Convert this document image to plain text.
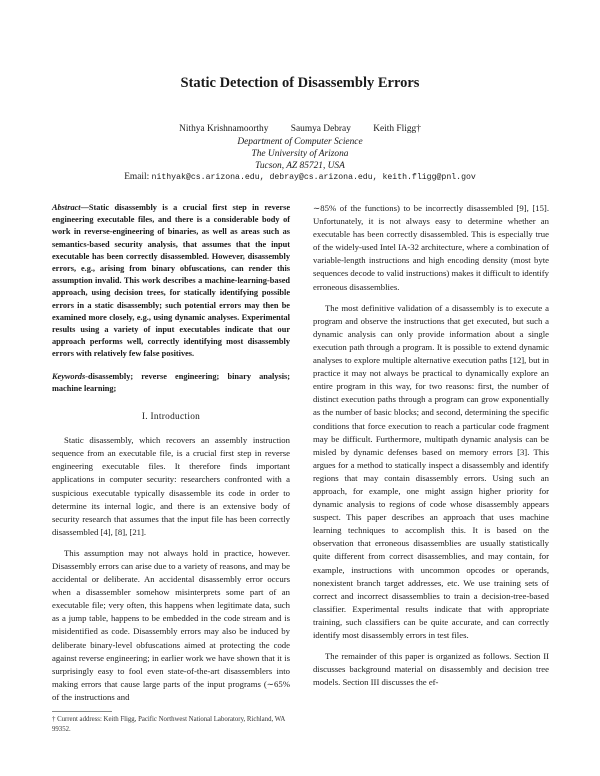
Static Detection of Disassembly Errors
Nithya Krishnamoorthy Saumya Debray Keith Fligg†
Department of Computer Science
The University of Arizona
Tucson, AZ 85721, USA
Email: nithyak@cs.arizona.edu, debray@cs.arizona.edu, keith.fligg@pnl.gov

Abstract—Static disassembly is a crucial first step in reverse engineering executable files, and there is a considerable body of work in reverse-engineering of binaries, as well as areas such as semantics-based security analysis, that assumes that the input executable has been correctly disassembled. However, disassembly errors, e.g., arising from binary obfuscations, can render this assumption invalid. This work describes a machine-learning-based approach, using decision trees, for statically identifying possible errors in a static disassembly; such potential errors may then be examined more closely, e.g., using dynamic analyses. Experimental results using a variety of input executables indicate that our approach performs well, correctly identifying most disassembly errors with relatively few false positives.

Keywords-disassembly; reverse engineering; binary analysis; machine learning;

I. Introduction

Static disassembly, which recovers an assembly instruction sequence from an executable file, is a crucial first step in reverse engineering executable files. It therefore finds important applications in computer security: researchers confronted with a suspicious executable typically disassemble its code in order to determine its internal logic, and there is an extensive body of security research that assumes that the input file has been correctly disassembled [4], [8], [21].

This assumption may not always hold in practice, however. Disassembly errors can arise due to a variety of reasons, and may be accidental or deliberate. An accidental disassembly error occurs when a disassembler somehow misinterprets some part of an executable file; very often, this happens when legitimate data, such as a jump table, happens to be embedded in the code stream and is misidentified as code. Disassembly errors may also be induced by deliberate binary-level obfuscations aimed at protecting the code against reverse engineering; in earlier work we have shown that it is surprisingly easy to fool even state-of-the-art disassemblers into making errors that cause large parts of the input programs (∼65% of the instructions and

∼85% of the functions) to be incorrectly disassembled [9], [15]. Unfortunately, it is not always easy to determine whether an executable has been correctly disassembled. This is especially true of the widely-used Intel IA-32 architecture, where a combination of variable-length instructions and high encoding density (most byte sequences decode to valid instructions) makes it difficult to identify erroneous disassemblies.

The most definitive validation of a disassembly is to execute a program and observe the instructions that get executed, but such a dynamic analysis can only provide information about a single execution path through a program. It is possible to extend dynamic analyses to explore multiple alternative execution paths [12], but in practice it may not always be practical to dynamically explore an entire program in this way, for two reasons: first, the number of distinct execution paths through a program can grow exponentially as the number of basic blocks; and second, determining the specific conditions that force execution to reach a particular code fragment may be difficult. Furthermore, multipath dynamic analysis can be misled by dynamic defenses based on memory errors [3]. This argues for a method to statically inspect a disassembly and identify regions that may contain disassembly errors. Using such an approach, for example, one might assign higher priority for dynamic analysis to regions of code whose disassembly appears suspect. This paper describes an approach that uses machine learning techniques to accomplish this. It is based on the observation that erroneous disassemblies are usually statistically quite different from correct disassemblies, and may contain, for example, instructions with uncommon opcodes or operands, nonexistent branch target addresses, etc. We use training sets of correct and incorrect disassemblies to train a decision-tree-based classifier. Experimental results indicate that with appropriate training, such classifiers can be quite accurate, and can correctly identify most disassembly errors in test files.

The remainder of this paper is organized as follows. Section II discusses background material on disassembly and decision tree models. Section III discusses the ef-

† Current address: Keith Fligg, Pacific Northwest National Laboratory, Richland, WA 99352.
